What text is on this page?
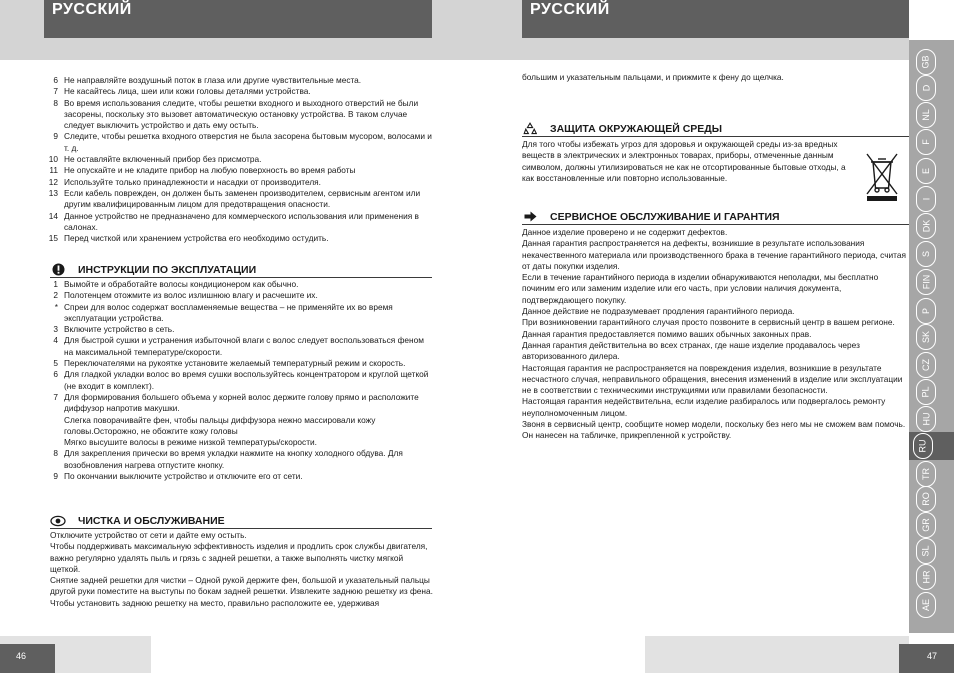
РУССКИЙ
6 Не направляйте воздушный поток в глаза или другие чувствительные места.
7 Не касайтесь лица, шеи или кожи головы деталями устройства.
8 Во время использования следите, чтобы решетки входного и выходного отверстий не были засорены, поскольку это вызовет автоматическую остановку устройства. В таком случае следует выключить устройство и дать ему остыть.
9 Следите, чтобы решетка входного отверстия не была засорена бытовым мусором, волосами и т. д.
10 Не оставляйте включенный прибор без присмотра.
11 Не опускайте и не кладите прибор на любую поверхность во время работы
12 Используйте только принадлежности и насадки от производителя.
13 Если кабель поврежден, он должен быть заменен производителем, сервисным агентом или другим квалифицированным лицом для предотвращения опасности.
14 Данное устройство не предназначено для коммерческого использования или применения в салонах.
15 Перед чисткой или хранением устройства его необходимо остудить.
ИНСТРУКЦИИ ПО ЭКСПЛУАТАЦИИ
1 Вымойте и обработайте волосы кондиционером как обычно.
2 Полотенцем отожмите из волос излишнюю влагу и расчешите их.
* Спреи для волос содержат воспламеняемые вещества – не применяйте их во время эксплуатации устройства.
3 Включите устройство в сеть.
4 Для быстрой сушки и устранения избыточной влаги с волос следует воспользоваться феном на максимальной температуре/скорости.
5 Переключателями на рукоятке установите желаемый температурный режим и скорость.
6 Для гладкой укладки волос во время сушки воспользуйтесь концентратором и круглой щеткой (не входит в комплект).
7 Для формирования большего объема у корней волос держите голову прямо и расположите диффузор напротив макушки.
Слегка поворачивайте фен, чтобы пальцы диффузора нежно массировали кожу головы.Осторожно, не обожгите кожу головы
Мягко высушите волосы в режиме низкой температуры/скорости.
8 Для закрепления прически во время укладки нажмите на кнопку холодного обдува. Для возобновления нагрева отпустите кнопку.
9 По окончании выключите устройство и отключите его от сети.
ЧИСТКА И ОБСЛУЖИВАНИЕ

Отключите устройство от сети и дайте ему остыть.

Чтобы поддерживать максимальную эффективность изделия и продлить срок службы двигателя, важно регулярно удалять пыль и грязь с задней решетки, а также выполнять чистку мягкой щеткой.

Снятие задней решетки для чистки – Одной рукой держите фен, большой и указательный пальцы другой руки поместите на выступы по бокам задней решетки. Извлеките заднюю решетку из фена.

Чтобы установить заднюю решетку на место, правильно расположите ее, удерживая

46
РУССКИЙ

большим и указательным пальцами, и прижмите к фену до щелчка.

ЗАЩИТА ОКРУЖАЮЩЕЙ СРЕДЫ

Для того чтобы избежать угроз для здоровья и окружающей среды из-за вредных веществ в электрических и электронных товарах, приборы, отмеченные данным символом, должны утилизироваться не как не отсортированные бытовые отходы, а как восстановленные или повторно использованные.

СЕРВИСНОЕ ОБСЛУЖИВАНИЕ И ГАРАНТИЯ

Данное изделие проверено и не содержит дефектов.

Данная гарантия распространяется на дефекты, возникшие в результате использования некачественного материала или производственного брака в течение гарантийного периода, считая от даты покупки изделия.

Если в течение гарантийного периода в изделии обнаруживаются неполадки, мы бесплатно починим его или заменим изделие или его часть, при условии наличия документа, подтверждающего покупку.

Данное действие не подразумевает продления гарантийного периода.

При возникновении гарантийного случая просто позвоните в сервисный центр в вашем регионе.

Данная гарантия предоставляется помимо ваших обычных законных прав.

Данная гарантия действительна во всех странах, где наше изделие продавалось через авторизованного дилера.

Настоящая гарантия не распространяется на повреждения изделия, возникшие в результате несчастного случая, неправильного обращения, внесения изменений в изделие или эксплуатации не в соответствии с техническими инструкциями или правилами безопасности.

Настоящая гарантия недействительна, если изделие разбиралось или подвергалось ремонту неуполномоченным лицом.

Звоня в сервисный центр, сообщите номер модели, поскольку без него мы не сможем вам помочь.

Он нанесен на табличке, прикрепленной к устройству.

47
GB
D
NL
F
E
I
DK
S
FIN
P
SK
CZ
PL
HU
RU
TR
RO
GR
SL
HR
AE
